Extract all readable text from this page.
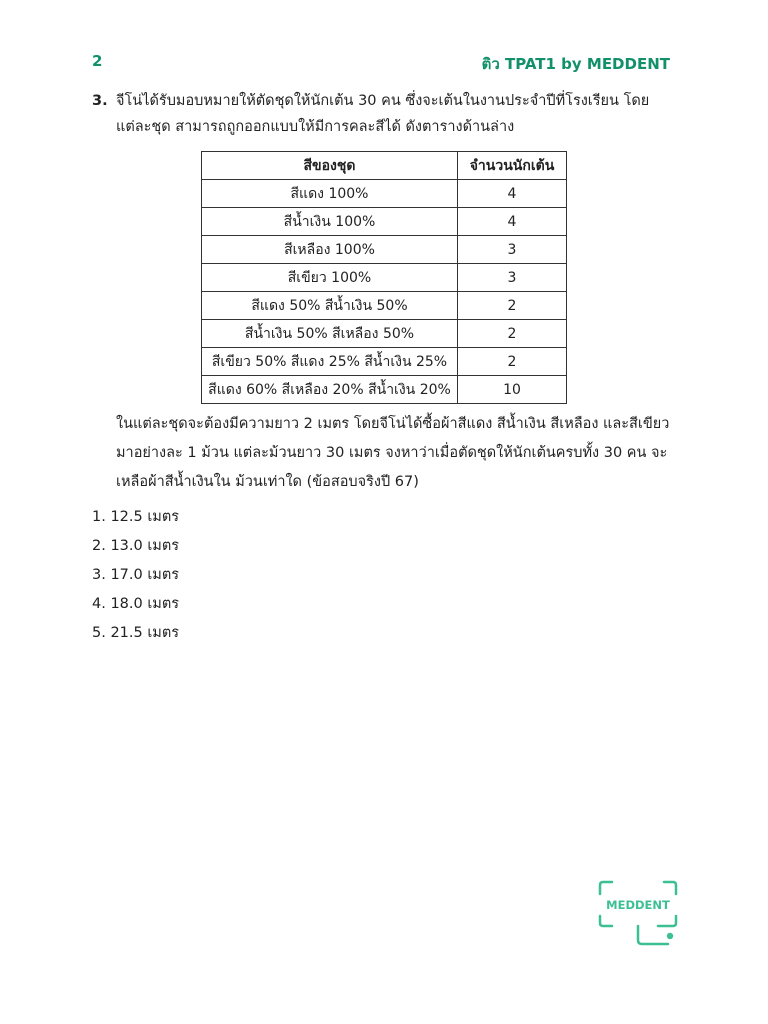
2	ติว TPAT1 by MEDDENT
3. จีโน่ได้รับมอบหมายให้ตัดชุดให้นักเต้น 30 คน ซึ่งจะเต้นในงานประจำปีที่โรงเรียน โดยแต่ละชุด สามารถถูกออกแบบให้มีการคละสีได้ ดังตารางด้านล่าง
สีของชุด	จำนวนนักเต้น
สีแดง 100%	4
สีน้ำเงิน 100%	4
สีเหลือง 100%	3
สีเขียว 100%	3
สีแดง 50% สีน้ำเงิน 50%	2
สีน้ำเงิน 50% สีเหลือง 50%	2
สีเขียว 50% สีแดง 25% สีน้ำเงิน 25%	2
สีแดง 60% สีเหลือง 20% สีน้ำเงิน 20%	10
ในแต่ละชุดจะต้องมีความยาว 2 เมตร โดยจีโน่ได้ซื้อผ้าสีแดง สีน้ำเงิน สีเหลือง และสีเขียว มาอย่างละ 1 ม้วน แต่ละม้วนยาว 30 เมตร จงหาว่าเมื่อตัดชุดให้นักเต้นครบทั้ง 30 คน จะเหลือผ้าสีน้ำเงินใน ม้วนเท่าใด (ข้อสอบจริงปี 67)
1. 12.5 เมตร
2. 13.0 เมตร
3. 17.0 เมตร
4. 18.0 เมตร
5. 21.5 เมตร
MEDDENT
